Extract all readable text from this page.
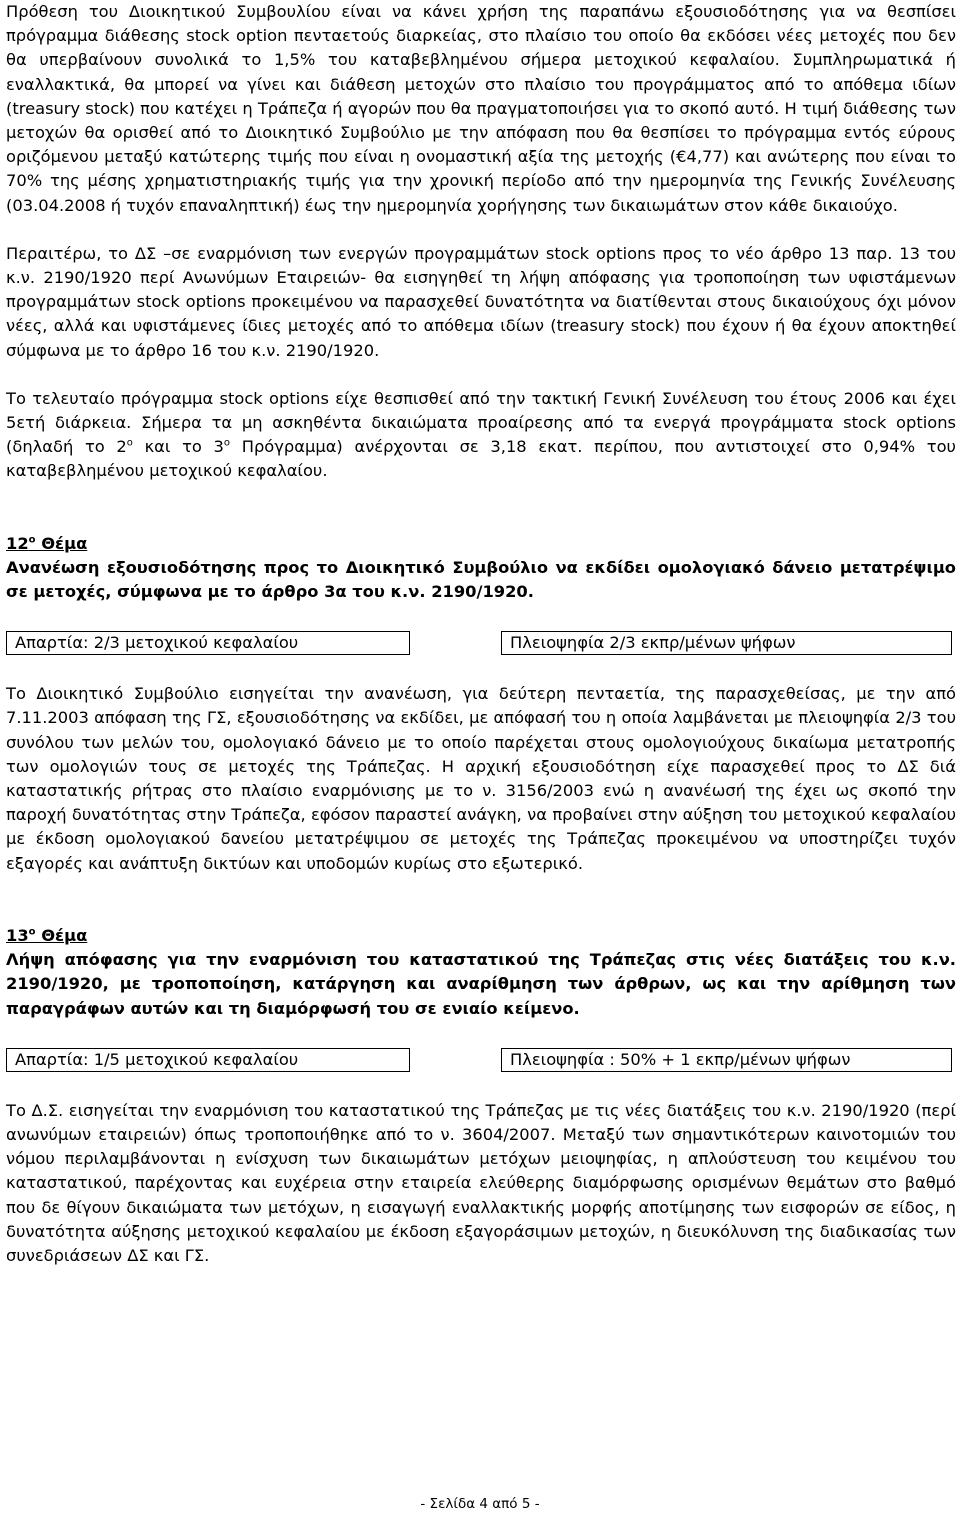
Πρόθεση του Διοικητικού Συμβουλίου είναι να κάνει χρήση της παραπάνω εξουσιοδότησης για να θεσπίσει πρόγραμμα διάθεσης stock option πενταετούς διαρκείας, στο πλαίσιο του οποίο θα εκδόσει νέες μετοχές που δεν θα υπερβαίνουν συνολικά το 1,5% του καταβεβλημένου σήμερα μετοχικού κεφαλαίου. Συμπληρωματικά ή εναλλακτικά, θα μπορεί να γίνει και διάθεση μετοχών στο πλαίσιο του προγράμματος από το απόθεμα ιδίων (treasury stock) που κατέχει η Τράπεζα ή αγορών που θα πραγματοποιήσει για το σκοπό αυτό. Η τιμή διάθεσης των μετοχών θα ορισθεί από το Διοικητικό Συμβούλιο με την απόφαση που θα θεσπίσει το πρόγραμμα εντός εύρους οριζόμενου μεταξύ κατώτερης τιμής που είναι η ονομαστική αξία της μετοχής (€4,77) και ανώτερης που είναι το 70% της μέσης χρηματιστηριακής τιμής για την χρονική περίοδο από την ημερομηνία της Γενικής Συνέλευσης (03.04.2008 ή τυχόν επαναληπτική) έως την ημερομηνία χορήγησης των δικαιωμάτων στον κάθε δικαιούχο.

Περαιτέρω, το ΔΣ –σε εναρμόνιση των ενεργών προγραμμάτων stock options προς το νέο άρθρο 13 παρ. 13 του κ.ν. 2190/1920 περί Ανωνύμων Εταιρειών- θα εισηγηθεί τη λήψη απόφασης για τροποποίηση των υφιστάμενων προγραμμάτων stock options προκειμένου να παρασχεθεί δυνατότητα να διατίθενται στους δικαιούχους όχι μόνον νέες, αλλά και υφιστάμενες ίδιες μετοχές από το απόθεμα ιδίων (treasury stock) που έχουν ή θα έχουν αποκτηθεί σύμφωνα με το άρθρο 16 του κ.ν. 2190/1920.

Το τελευταίο πρόγραμμα stock options είχε θεσπισθεί από την τακτική Γενική Συνέλευση του έτους 2006 και έχει 5ετή διάρκεια. Σήμερα τα μη ασκηθέντα δικαιώματα προαίρεσης από τα ενεργά προγράμματα stock options (δηλαδή το $2^o$ και το $3^o$ Πρόγραμμα) ανέρχονται σε 3,18 εκατ. περίπου, που αντιστοιχεί στο 0,94% του καταβεβλημένου μετοχικού κεφαλαίου.

$12^o$ Θέμα

Ανανέωση εξουσιοδότησης προς το Διοικητικό Συμβούλιο να εκδίδει ομολογιακό δάνειο μετατρέψιμο σε μετοχές, σύμφωνα με το άρθρο 3α του κ.ν. 2190/1920.

Απαρτία: 2/3 μετοχικού κεφαλαίου	Πλειοψηφία 2/3 εκπρ/μένων ψήφων

Το Διοικητικό Συμβούλιο εισηγείται την ανανέωση, για δεύτερη πενταετία, της παρασχεθείσας, με την από 7.11.2003 απόφαση της ΓΣ, εξουσιοδότησης να εκδίδει, με απόφασή του η οποία λαμβάνεται με πλειοψηφία 2/3 του συνόλου των μελών του, ομολογιακό δάνειο με το οποίο παρέχεται στους ομολογιούχους δικαίωμα μετατροπής των ομολογιών τους σε μετοχές της Τράπεζας. Η αρχική εξουσιοδότηση είχε παρασχεθεί προς το ΔΣ διά καταστατικής ρήτρας στο πλαίσιο εναρμόνισης με το ν. 3156/2003 ενώ η ανανέωσή της έχει ως σκοπό την παροχή δυνατότητας στην Τράπεζα, εφόσον παραστεί ανάγκη, να προβαίνει στην αύξηση του μετοχικού κεφαλαίου με έκδοση ομολογιακού δανείου μετατρέψιμου σε μετοχές της Τράπεζας προκειμένου να υποστηρίζει τυχόν εξαγορές και ανάπτυξη δικτύων και υποδομών κυρίως στο εξωτερικό.

$13^o$ Θέμα

Λήψη απόφασης για την εναρμόνιση του καταστατικού της Τράπεζας στις νέες διατάξεις του κ.ν. 2190/1920, με τροποποίηση, κατάργηση και αναρίθμηση των άρθρων, ως και την αρίθμηση των παραγράφων αυτών και τη διαμόρφωσή του σε ενιαίο κείμενο.

Απαρτία: 1/5 μετοχικού κεφαλαίου	Πλειοψηφία : 50% + 1 εκπρ/μένων ψήφων

Το Δ.Σ. εισηγείται την εναρμόνιση του καταστατικού της Τράπεζας με τις νέες διατάξεις του κ.ν. 2190/1920 (περί ανωνύμων εταιρειών) όπως τροποποιήθηκε από το ν. 3604/2007. Μεταξύ των σημαντικότερων καινοτομιών του νόμου περιλαμβάνονται η ενίσχυση των δικαιωμάτων μετόχων μειοψηφίας, η απλούστευση του κειμένου του καταστατικού, παρέχοντας και ευχέρεια στην εταιρεία ελεύθερης διαμόρφωσης ορισμένων θεμάτων στο βαθμό που δε θίγουν δικαιώματα των μετόχων, η εισαγωγή εναλλακτικής μορφής αποτίμησης των εισφορών σε είδος, η δυνατότητα αύξησης μετοχικού κεφαλαίου με έκδοση εξαγοράσιμων μετοχών, η διευκόλυνση της διαδικασίας των συνεδριάσεων ΔΣ και ΓΣ.

- Σελίδα 4 από 5 -
